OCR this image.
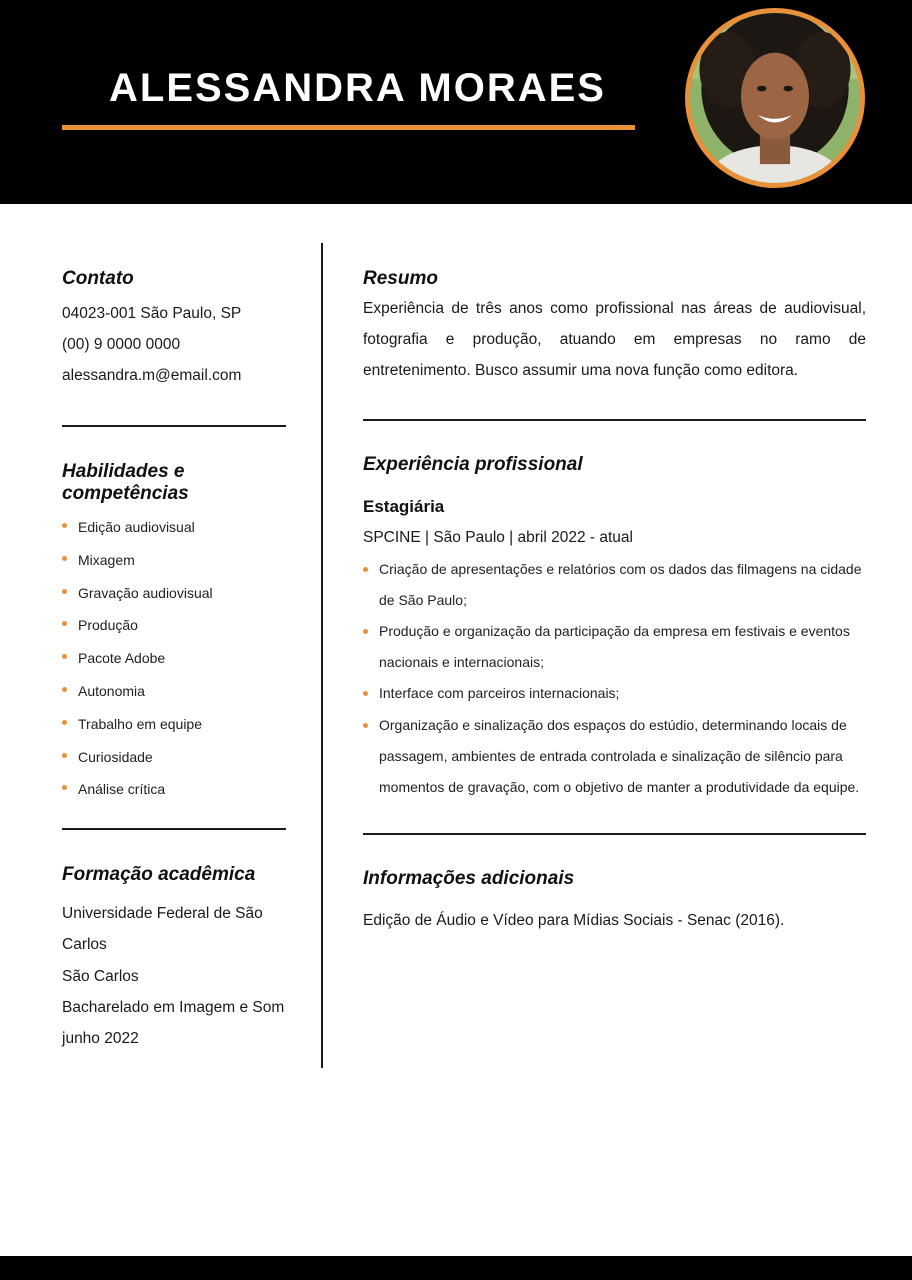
ALESSANDRA MORAES
Contato
04023-001 São Paulo, SP
(00) 9 0000 0000
alessandra.m@email.com
Habilidades e competências
Edição audiovisual
Mixagem
Gravação audiovisual
Produção
Pacote Adobe
Autonomia
Trabalho em equipe
Curiosidade
Análise crítica
Formação acadêmica
Universidade Federal de São Carlos
São Carlos
Bacharelado em Imagem e Som
junho 2022
Resumo
Experiência de três anos como profissional nas áreas de audiovisual, fotografia e produção, atuando em empresas no ramo de entretenimento. Busco assumir uma nova função como editora.
Experiência profissional
Estagiária
SPCINE | São Paulo | abril 2022 - atual
Criação de apresentações e relatórios com os dados das filmagens na cidade de São Paulo;
Produção e organização da participação da empresa em festivais e eventos nacionais e internacionais;
Interface com parceiros internacionais;
Organização e sinalização dos espaços do estúdio, determinando locais de passagem, ambientes de entrada controlada e sinalização de silêncio para momentos de gravação, com o objetivo de manter a produtividade da equipe.
Informações adicionais
Edição de Áudio e Vídeo para Mídias Sociais - Senac (2016).
